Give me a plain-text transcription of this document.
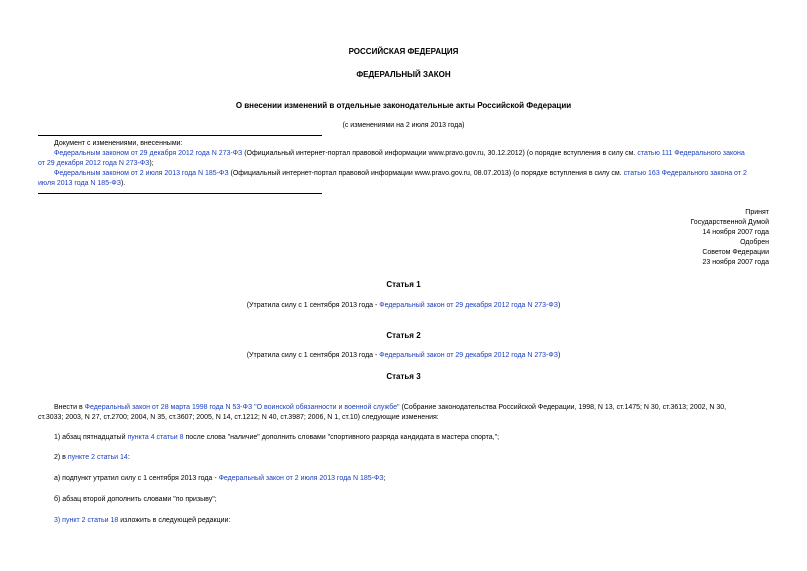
РОССИЙСКАЯ ФЕДЕРАЦИЯ
ФЕДЕРАЛЬНЫЙ ЗАКОН
О внесении изменений в отдельные законодательные акты Российской Федерации
(с изменениями на 2 июля 2013 года)
Документ с изменениями, внесенными:
Федеральным законом от 29 декабря 2012 года N 273-ФЗ (Официальный интернет-портал правовой информации www.pravo.gov.ru, 30.12.2012) (о порядке вступления в силу см. статью 111 Федерального закона
от 29 декабря 2012 года N 273-ФЗ);
Федеральным законом от 2 июля 2013 года N 185-ФЗ (Официальный интернет-портал правовой информации www.pravo.gov.ru, 08.07.2013) (о порядке вступления в силу см. статью 163 Федерального закона от 2
июля 2013 года N 185-ФЗ).
Принят
Государственной Думой
14 ноября 2007 года
Одобрен
Советом Федерации
23 ноября 2007 года
Статья 1
(Утратила силу с 1 сентября 2013 года - Федеральный закон от 29 декабря 2012 года N 273-ФЗ)
Статья 2
(Утратила силу с 1 сентября 2013 года - Федеральный закон от 29 декабря 2012 года N 273-ФЗ)
Статья 3
Внести в Федеральный закон от 28 марта 1998 года N 53-ФЗ "О воинской обязанности и военной службе" (Собрание законодательства Российской Федерации, 1998, N 13, ст.1475; N 30, ст.3613; 2002, N 30,
ст.3033; 2003, N 27, ст.2700; 2004, N 35, ст.3607; 2005, N 14, ст.1212; N 40, ст.3987; 2006, N 1, ст.10) следующие изменения:
1) абзац пятнадцатый пункта 4 статьи 8 после слова "наличие" дополнить словами "спортивного разряда кандидата в мастера спорта,";
2) в пункте 2 статьи 14:
а) подпункт утратил силу с 1 сентября 2013 года - Федеральный закон от 2 июля 2013 года N 185-ФЗ;
б) абзац второй дополнить словами "по призыву";
3) пункт 2 статьи 18 изложить в следующей редакции:
